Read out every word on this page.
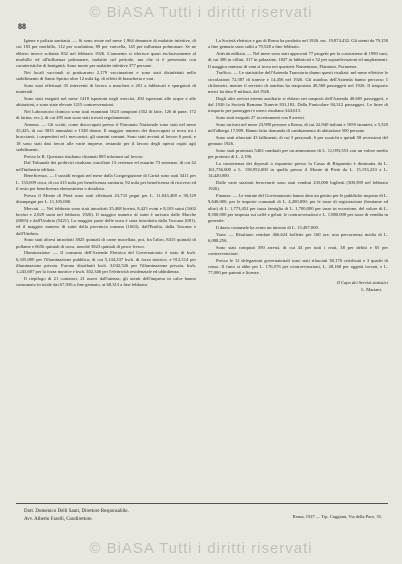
© BiASA Tutti i diritti riservati
88

Igiene e polizia sanitaria. — Si sono avute nel mese 1,964 denunzie di malattie infettive, di cui 183 per morbillo, 112 per scarlattina, 89 per varicella, 145 per influenza polmonare. Se ne ebbero invece soltanto 832 nel febbraio 1926. L'aumento si riferisce quasi esclusivamente al morbillo ed all'influenza polmonare, malattie nel periodo, ma che si è presentata con caratteristiche di benignità. Sono morte per malattie infettive 377 persone.

Nei locali vaccinali si praticarono 2,179 vaccinazioni e sono stati disinfettati nello stabilimento di Santo Spirito oltre 12 mila kg. di effetti di biancheria e vari.

Sono stati effettuati 35 interventi di lavoro a mascheri e 201 a fabbricati e spurgatori di materiali.

Sono stati eseguiti nel mese 1418 ispezioni negli esercizi, 492 ispezioni alle acque e alle abitazioni, e sono state elevate 1215 contravvenzioni.

Nel Laboratorio chimico sono stati esaminati 1623 campioni (352 di latte, 126 di pane, 172 di farina, ecc.), di cui 495 non sono stati trovati regolamentari.

Annona. — Gli scritti, come disoccupati presso il Patronato Nazionale sono stati nel mese 35,425, di cui 3835 ammalati e 1328 donne. Il maggior numero dei disoccupati si trova tra i braccianti, i carpentieri ed i meccanici; gli uomini comuni. Sono stati avviati al lavoro 6 posti, e 18 sono stati dati favori alle varie imprese, restando per il lavoro degli operai ospiti agli stabilimenti.

Presso la R. Questura risultano chiamati 885 infortuni sul lavoro.

Dal Tribunale dei probiviri risultano conciliate 13 vertenze ed esaurite 73 sentenze, di cui 42 nell'industria edilizia.

Beneficenza. — I sussidi erogati nel mese dalla Congregazione di Carità sono stati 3411 per L. 133,009 circa, di cui 415 mila per beneficenza sanitaria, 92 mila per beneficenza di ricovero ed il resto per beneficenza elemosiniera o dotalizia.

Presso il Monte di Pietà sono stati effettuati 43,733 pegni per L. 11,043,408 e 38,129 disimpegni per L. 11,105,000.

Mercati. — Nel febbraio sono stati introdotti 35,468 bovini, 8,425 ovini e 8,103 suini (1602 bovini e 2,829 suini nel febbraio 1926). Il maggior numero di suini è arrivato dalle Marche (6003) e dall'Umbria (5421). La maggior parte delle uova è stata introdotta dalla Toscana (681), ed il maggior numero di suini dalla provincia romana (1663), dall'Emilia, dalla Toscana e dall'Umbria.

Sono stati altresì introdotti 3825 quintali di carne macellata, poi, fra l'altro, 8415 quintali di pollame e 6656 quintali di uova, nonché 3823 quintali di pesce fresco.

Illuminazione. — Il consumo dell'Azienda Elettrica del Governatorato è stato di kwh. 6,335,000 per l'illuminazione pubblica; di cui 5,144,337 kwh. di forza motrice, e 912,514 per illuminazione privata. Furono distribuiti kwh. 3,042,526 per l'illuminazione privata, kwh. 1,243,607 per la forza motrice e kwh. 302,346 per l'elettricità residenziale ed ubbidienza.

Il riepilogo di 21 contatori, 21 nuovi dall'utenza; gli utenti dell'impresa in calce hanno consumato in totale dai 67,936 a fine gennaio, ai 68,313 a fine febbraio.

La Società elettrica e gas di Roma ha prodotto nel 1926, mc. 19,874,432. Gli utenti da 79,150 a fine gennaio sono saliti a 79,528 a fine febbraio.

Attività edilizia. — Nel mese sono stati approvati 77 progetti per la costruzione di 1990 vani, di cui 300 in villini, 317 in palazzine, 1847 in fabbricati e 52 per sopraelevazioni ed ampliamenti. Il maggior numero di vani si trova nei quartieri Nomentano, Flaminio, Portuense.

Traffico. — Le statistiche dell'Azienda Tranviaria danno questi risultati: nel mese effettive le circolazioni 72,587 di tranvie e 14,456 nel 1926. Gli autobus dell'Azienda hanno percorso 1 chilometri, mentre il servizio di autobus ha trasportato 40,568 passeggeri nel 1926. Il trasporto merci ha dato 8 milioni, dal 1926.

Degli altri servizi esterni ausiliarie si ebbero nei trasporti dell'Azienda 40,605 passeggeri, e dal 1926 la Società Romana Tranvie 831,182. Dalla Funicolare 84,312 passeggeri. Le linee di trasporto per passeggeri e merci risultano 344,613.

Sono stati eseguiti 27 accertamenti con 8 arresti.

Sono arrivati nel mese 23,999 persone a Roma, di cui 22,940 italiani e 1059 stranieri, e 5,520 nell'albergo 17,909. Hanno fatto domanda di cambiamento di abitazione 500 persone.

Sono stati rilasciati 43 fallimenti, di cui 5 personali, 6 per scarichi e quindi 58 recessioni del gennaio 1926.

Sono stati protestati 5463 cambiali per un ammontare di L. 11,093,553 con un valore medio per protesto di L. 2,196.

La consistenza dei depositi a risparmio presso la Cassa di Risparmio è diminuita da L. 161,756,000 a L. 158,952,000 in quella presso il Monte di Pietà da L. 15,153,233 a L. 14,420,000.

Dalle varie stazioni ferroviarie sono stati venduti 235,000 biglietti (300,589 nel febbraio 1926).

Finanze. — Le entrate del Governatorato hanno dato un gettito per le pubbliche imposte di L. 9,640,000, per le imposte comunali di L. 4,200,000; per le tasse di registrazione (bestiame ed altro) di L. 1,773,452 per tassa famiglia di L. 1,700,000 per tasse in eccezione, del valore di L. 8,500,000 per imposta sui caffè e gelati; le contravvenzioni e L. 1,880,000 per tasse di vendita in generale.

Il dazio comunale ha avuto un introito di L. 13,497,000.

Varie. — Risultano vendute 466,624 bollette per 160 ore, una percorrenza media di L. 6,088,256.

Sono stati compiuti 590 arresti, di cui 44 per tutti i reati, 38 per delitti e 65 per contravvenzioni.

Presso le 12 delegazioni governatoriali sono stati rilasciati 38,178 certificati e 3 quadri di censo. Il furto si ebbe per L. 176,576 per contravvenzioni, L. 28,168 per oggetti trovati, e L. 77,000 per patenti e licenze.

Il Capo dei Servizi statistici
L. Mariani.
Dott. Domenico Delli Santi, Direttore Responsabile.
Avv. Alberto Farelli, Condirettore.
Roma, 1927 — Tip. Cuggiani, Via della Pace, 35.
© BiASA Tutti i diritti riservati
